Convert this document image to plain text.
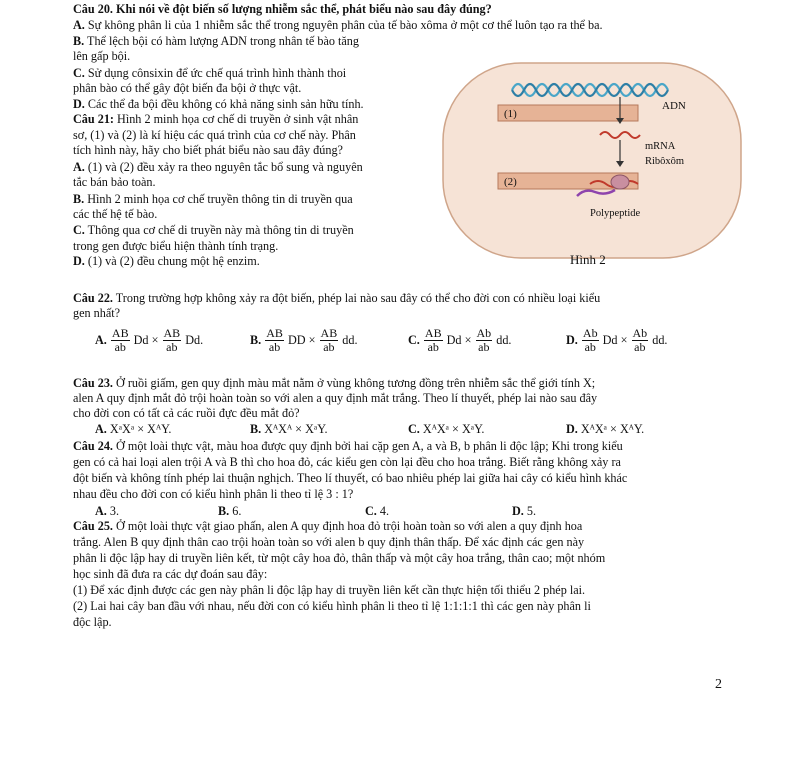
Câu 20. Khi nói về đột biến số lượng nhiễm sắc thể, phát biểu nào sau đây đúng?
A. Sự không phân li của 1 nhiễm sắc thể trong nguyên phân của tế bào xôma ở một cơ thể luôn tạo ra thể ba.
B. Thể lệch bội có hàm lượng ADN trong nhân tế bào tăng
lên gấp bội.
C. Sử dụng cônsixin để ức chế quá trình hình thành thoi
phân bào có thể gây đột biến đa bội ở thực vật.
D. Các thể đa bội đều không có khả năng sinh sản hữu tính.
Câu 21: Hình 2 minh họa cơ chế di truyền ở sinh vật nhân
sơ, (1) và (2) là kí hiệu các quá trình của cơ chế này. Phân
tích hình này, hãy cho biết phát biểu nào sau đây đúng?
A. (1) và (2) đều xảy ra theo nguyên tắc bổ sung và nguyên
tắc bán bảo toàn.
B. Hình 2 minh họa cơ chế truyền thông tin di truyền qua
các thế hệ tế bào.
C. Thông qua cơ chế di truyền này mà thông tin di truyền
trong gen được biểu hiện thành tính trạng.
D. (1) và (2) đều chung một hệ enzim.
(1)
ADN
mRNA
Ribôxôm
(2)
Polypeptide
Hình 2
Câu 22. Trong trường hợp không xảy ra đột biến, phép lai nào sau đây có thể cho đời con có nhiều loại kiểu
gen nhất?
A. $\frac{AB}{ab}$ $Dd \times \frac{AB}{ab} Dd$.	B. $\frac{AB}{ab}$ DD × $\frac{AB}{ab}$ dd.	C. $\frac{AB}{ab}$ $Dd \times \frac{Ab}{ab}$ dd.	D. $\frac{Ab}{ab}$ $Dd \times \frac{Ab}{ab}$ dd.
Câu 23. Ở ruồi giấm, gen quy định màu mắt nằm ở vùng không tương đồng trên nhiễm sắc thể giới tính X;
alen A quy định mắt đỏ trội hoàn toàn so với alen a quy định mắt trắng. Theo lí thuyết, phép lai nào sau đây
cho đời con có tất cả các ruồi đực đều mắt đỏ?
A. XᵃXᵃ × XᴬY.	B. XᴬXᴬ × XᵃY.	C. XᴬXᵃ × XᵃY.	D. XᴬXᵃ × XᴬY.
Câu 24. Ở một loài thực vật, màu hoa được quy định bởi hai cặp gen A, a và B, b phân li độc lập; Khi trong kiểu
gen có cả hai loại alen trội A và B thì cho hoa đỏ, các kiểu gen còn lại đều cho hoa trắng. Biết rằng không xảy ra
đột biến và không tính phép lai thuận nghịch. Theo lí thuyết, có bao nhiêu phép lai giữa hai cây có kiểu hình khác
nhau đều cho đời con có kiểu hình phân li theo tỉ lệ 3 : 1?
A. 3.	B. 6.	C. 4.	D. 5.
Câu 25. Ở một loài thực vật giao phấn, alen A quy định hoa đỏ trội hoàn toàn so với alen a quy định hoa
trắng. Alen B quy định thân cao trội hoàn toàn so với alen b quy định thân thấp. Để xác định các gen này
phân li độc lập hay di truyền liên kết, từ một cây hoa đỏ, thân thấp và một cây hoa trắng, thân cao; một nhóm
học sinh đã đưa ra các dự đoán sau đây:
(1) Để xác định được các gen này phân li độc lập hay di truyền liên kết cần thực hiện tối thiểu 2 phép lai.
(2) Lai hai cây ban đầu với nhau, nếu đời con có kiểu hình phân li theo tỉ lệ 1:1:1:1 thì các gen này phân li
độc lập.
2
